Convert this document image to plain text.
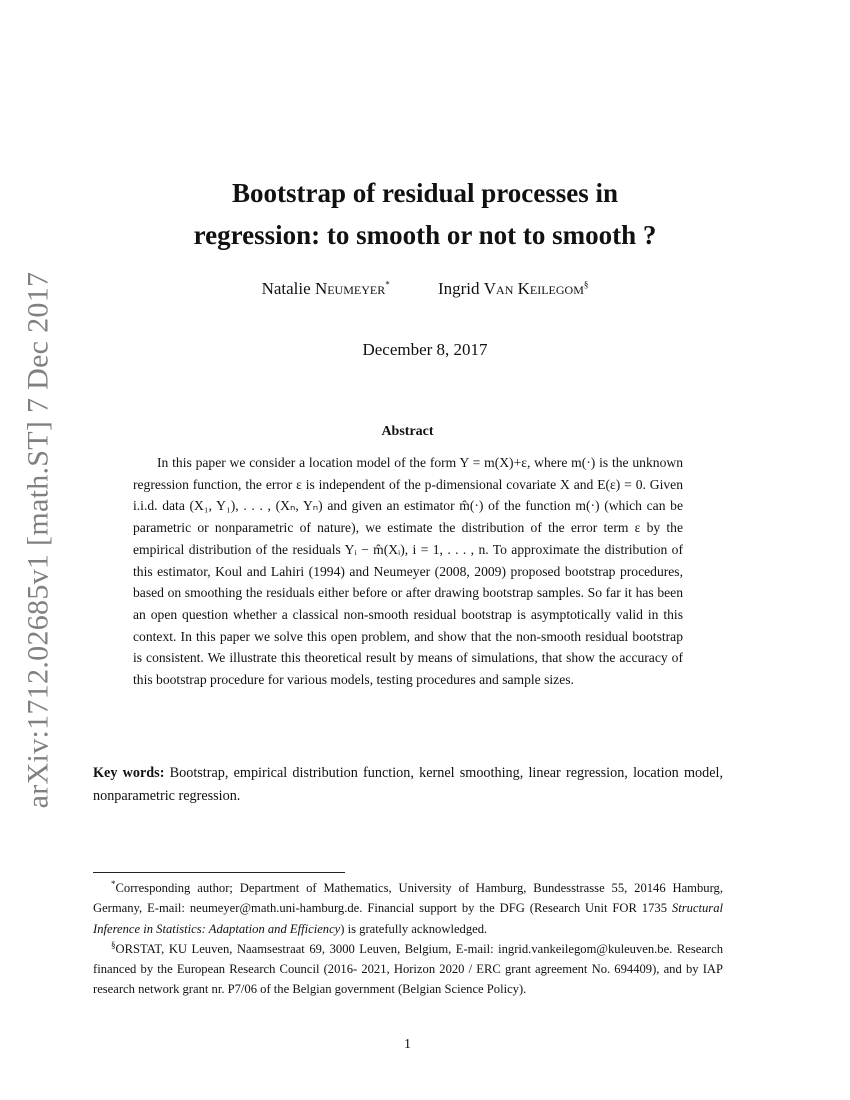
arXiv:1712.02685v1 [math.ST] 7 Dec 2017
Bootstrap of residual processes in
regression: to smooth or not to smooth ?
Natalie Neumeyer*	Ingrid Van Keilegom§
December 8, 2017
Abstract

In this paper we consider a location model of the form Y = m(X)+ε, where m(·) is the unknown regression function, the error ε is independent of the p-dimensional covariate X and E(ε) = 0. Given i.i.d. data (X₁, Y₁), . . . , (Xₙ, Yₙ) and given an estimator m̂(·) of the function m(·) (which can be parametric or nonparametric of nature), we estimate the distribution of the error term ε by the empirical distribution of the residuals Yᵢ − m̂(Xᵢ), i = 1, . . . , n. To approximate the distribution of this estimator, Koul and Lahiri (1994) and Neumeyer (2008, 2009) proposed bootstrap procedures, based on smoothing the residuals either before or after drawing bootstrap samples. So far it has been an open question whether a classical non-smooth residual bootstrap is asymptotically valid in this context. In this paper we solve this open problem, and show that the non-smooth residual bootstrap is consistent. We illustrate this theoretical result by means of simulations, that show the accuracy of this bootstrap procedure for various models, testing procedures and sample sizes.

Key words: Bootstrap, empirical distribution function, kernel smoothing, linear regression, location model, nonparametric regression.

*Corresponding author; Department of Mathematics, University of Hamburg, Bundesstrasse 55, 20146 Hamburg, Germany, E-mail: neumeyer@math.uni-hamburg.de. Financial support by the DFG (Research Unit FOR 1735 Structural Inference in Statistics: Adaptation and Efficiency) is gratefully acknowledged.

§ORSTAT, KU Leuven, Naamsestraat 69, 3000 Leuven, Belgium, E-mail: ingrid.vankeilegom@kuleuven.be. Research financed by the European Research Council (2016- 2021, Horizon 2020 / ERC grant agreement No. 694409), and by IAP research network grant nr. P7/06 of the Belgian government (Belgian Science Policy).

1
